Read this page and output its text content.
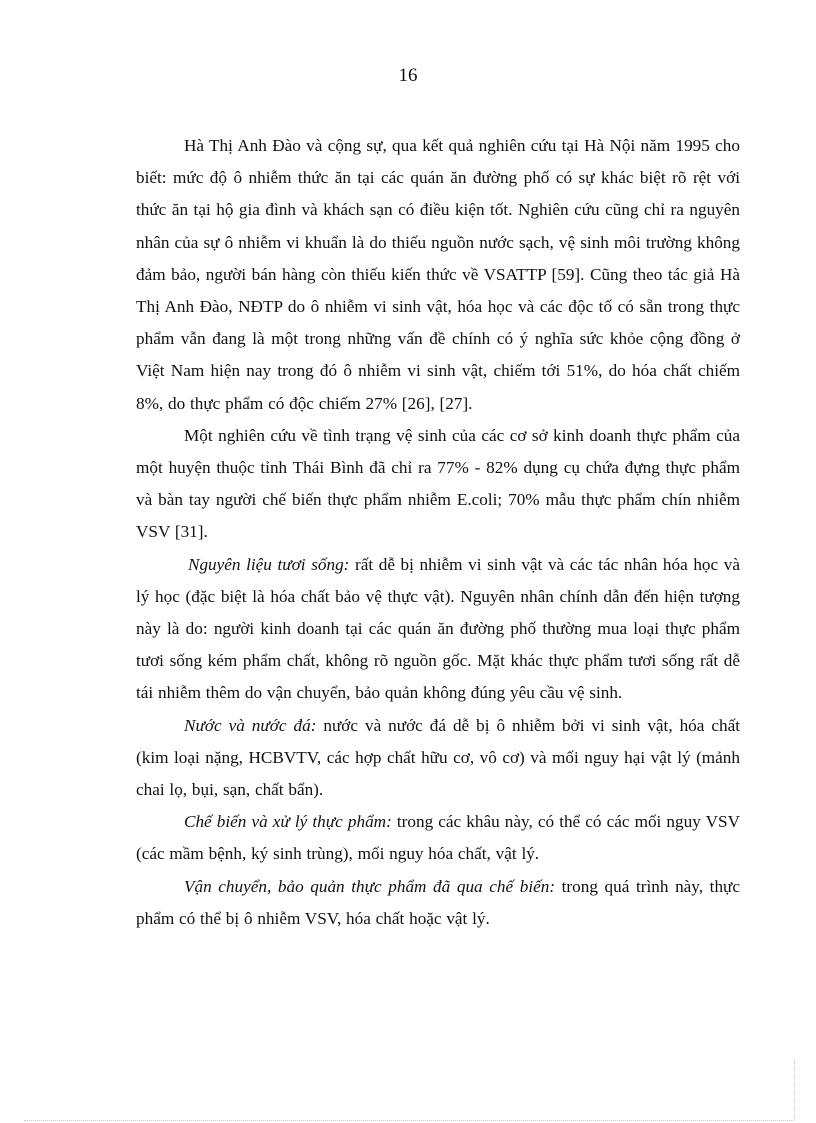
16

Hà Thị Anh Đào và cộng sự, qua kết quả nghiên cứu tại Hà Nội năm 1995 cho biết: mức độ ô nhiễm thức ăn tại các quán ăn đường phố có sự khác biệt rõ rệt với thức ăn tại hộ gia đình và khách sạn có điều kiện tốt. Nghiên cứu cũng chỉ ra nguyên nhân của sự ô nhiễm vi khuẩn là do thiếu nguồn nước sạch, vệ sinh môi trường không đảm bảo, người bán hàng còn thiếu kiến thức về VSATTP [59]. Cũng theo tác giả Hà Thị Anh Đào, NĐTP do ô nhiễm vi sinh vật, hóa học và các độc tố có sẵn trong thực phẩm vẫn đang là một trong những vấn đề chính có ý nghĩa sức khỏe cộng đồng ở Việt Nam hiện nay trong đó ô nhiễm vi sinh vật, chiếm tới 51%, do hóa chất chiếm 8%, do thực phẩm có độc chiếm 27% [26], [27].

Một nghiên cứu về tình trạng vệ sinh của các cơ sở kinh doanh thực phẩm của một huyện thuộc tỉnh Thái Bình đã chỉ ra 77% - 82% dụng cụ chứa đựng thực phẩm và bàn tay người chế biến thực phẩm nhiễm E.coli; 70% mẫu thực phẩm chín nhiễm VSV [31].

Nguyên liệu tươi sống: rất dễ bị nhiễm vi sinh vật và các tác nhân hóa học và lý học (đặc biệt là hóa chất bảo vệ thực vật). Nguyên nhân chính dẫn đến hiện tượng này là do: người kinh doanh tại các quán ăn đường phố thường mua loại thực phẩm tươi sống kém phẩm chất, không rõ nguồn gốc. Mặt khác thực phẩm tươi sống rất dễ tái nhiễm thêm do vận chuyển, bảo quản không đúng yêu cầu vệ sinh.

Nước và nước đá: nước và nước đá dễ bị ô nhiễm bởi vi sinh vật, hóa chất (kim loại nặng, HCBVTV, các hợp chất hữu cơ, vô cơ) và mối nguy hại vật lý (mảnh chai lọ, bụi, sạn, chất bẩn).

Chế biến và xử lý thực phẩm: trong các khâu này, có thể có các mối nguy VSV (các mầm bệnh, ký sinh trùng), mối nguy hóa chất, vật lý.

Vận chuyển, bảo quản thực phẩm đã qua chế biến: trong quá trình này, thực phẩm có thể bị ô nhiễm VSV, hóa chất hoặc vật lý.
